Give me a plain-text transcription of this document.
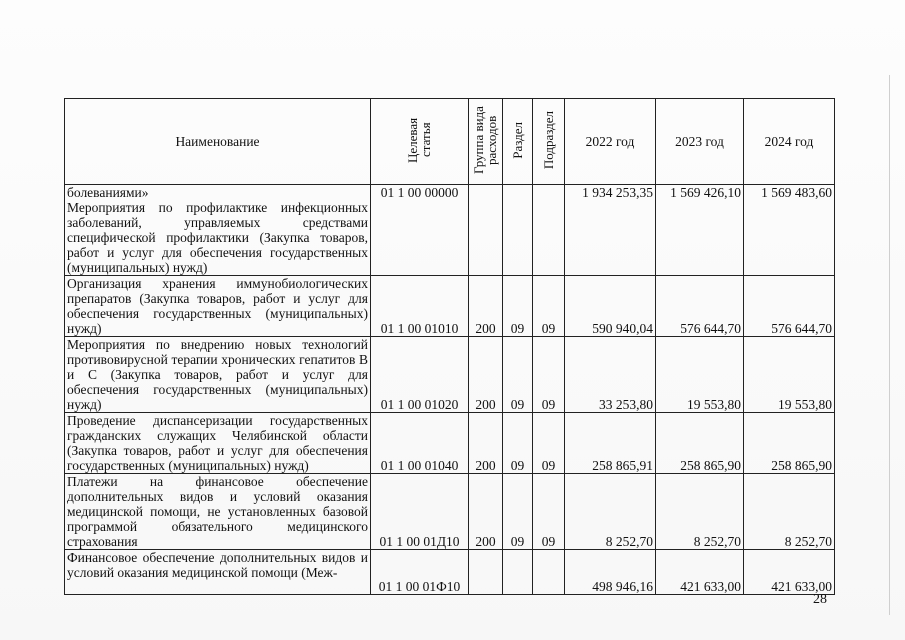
Наименование	Целевая статья	Группа вида расходов	Раздел	Подраздел	2022 год	2023 год	2024 год

болеваниями»
Мероприятия по профилактике инфекционных заболеваний, управляемых средствами специфической профилактики (Закупка товаров, работ и услуг для обеспечения государственных (муниципальных) нужд)	01 1 00 00000				1 934 253,35	1 569 426,10	1 569 483,60

Организация хранения иммунобиологических препаратов (Закупка товаров, работ и услуг для обеспечения государственных (муниципальных) нужд)	01 1 00 01010	200	09	09	590 940,04	576 644,70	576 644,70

Мероприятия по внедрению новых технологий противовирусной терапии хронических гепатитов В и С (Закупка товаров, работ и услуг для обеспечения государственных (муниципальных) нужд)	01 1 00 01020	200	09	09	33 253,80	19 553,80	19 553,80

Проведение диспансеризации государственных гражданских служащих Челябинской области (Закупка товаров, работ и услуг для обеспечения государственных (муниципальных) нужд)	01 1 00 01040	200	09	09	258 865,91	258 865,90	258 865,90

Платежи на финансовое обеспечение дополнительных видов и условий оказания медицинской помощи, не установленных базовой программой обязательного медицинского страхования	01 1 00 01Д10	200	09	09	8 252,70	8 252,70	8 252,70

Финансовое обеспечение дополнительных видов и условий оказания медицинской помощи (Меж-	01 1 00 01Ф10				498 946,16	421 633,00	421 633,00
28
